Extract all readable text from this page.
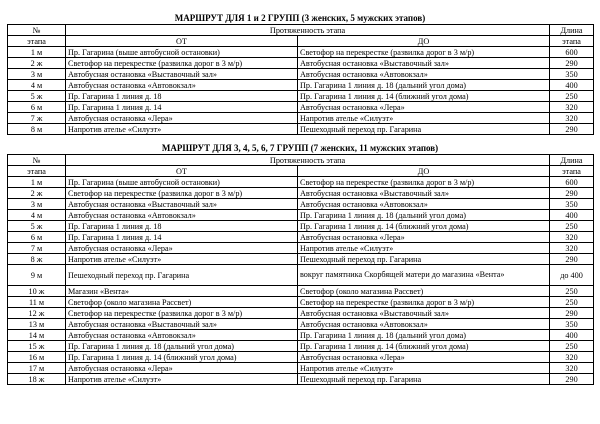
МАРШРУТ ДЛЯ 1 и 2 ГРУПП (3 женских, 5 мужских этапов)
№	Протяженность этапа		Длина
этапа	ОТ	ДО	этапа
1 м	Пр. Гагарина (выше автобусной остановки)	Светофор на перекрестке (развилка дорог в 3 м/р)	600
2 ж	Светофор на перекрестке (развилка дорог в 3 м/р)	Автобусная остановка «Выставочный зал»	290
3 м	Автобусная остановка «Выставочный зал»	Автобусная остановка «Автовокзал»	350
4 м	Автобусная остановка «Автовокзал»	Пр. Гагарина 1 линия д. 18 (дальний угол дома)	400
5 ж	Пр. Гагарина 1 линия д. 18	Пр. Гагарина 1 линия д. 14 (ближний угол дома)	250
6 м	Пр. Гагарина 1 линия д. 14	Автобусная остановка «Лера»	320
7 ж	Автобусная остановка «Лера»	Напротив ателье «Силуэт»	320
8 м	Напротив ателье «Силуэт»	Пешеходный переход пр. Гагарина	290
МАРШРУТ ДЛЯ 3, 4, 5, 6, 7 ГРУПП (7 женских, 11 мужских этапов)
№	Протяженность этапа		Длина
этапа	ОТ	ДО	этапа
1 м	Пр. Гагарина (выше автобусной остановки)	Светофор на перекрестке (развилка дорог в 3 м/р)	600
2 ж	Светофор на перекрестке (развилка дорог в 3 м/р)	Автобусная остановка «Выставочный зал»	290
3 м	Автобусная остановка «Выставочный зал»	Автобусная остановка «Автовокзал»	350
4 м	Автобусная остановка «Автовокзал»	Пр. Гагарина 1 линия д. 18 (дальний угол дома)	400
5 ж	Пр. Гагарина 1 линия д. 18	Пр. Гагарина 1 линия д. 14 (ближний угол дома)	250
6 м	Пр. Гагарина 1 линия д. 14	Автобусная остановка «Лера»	320
7 м	Автобусная остановка «Лера»	Напротив ателье «Силуэт»	320
8 ж	Напротив ателье «Силуэт»	Пешеходный переход пр. Гагарина	290
9 м	Пешеходный переход пр. Гагарина	вокруг памятника Скорбящей матери до магазина «Вента»	до 400
10 ж	Магазин «Вента»	Светофор (около магазина Рассвет)	250
11 м	Светофор (около магазина Рассвет)	Светофор на перекрестке (развилка дорог в 3 м/р)	250
12 ж	Светофор на перекрестке (развилка дорог в 3 м/р)	Автобусная остановка «Выставочный зал»	290
13 м	Автобусная остановка «Выставочный зал»	Автобусная остановка «Автовокзал»	350
14 м	Автобусная остановка «Автовокзал»	Пр. Гагарина 1 линия д. 18 (дальний угол дома)	400
15 ж	Пр. Гагарина 1 линия д. 18 (дальний угол дома)	Пр. Гагарина 1 линия д. 14 (ближний угол дома)	250
16 м	Пр. Гагарина 1 линия д. 14 (ближний угол дома)	Автобусная остановка «Лера»	320
17 м	Автобусная остановка «Лера»	Напротив ателье «Силуэт»	320
18 ж	Напротив ателье «Силуэт»	Пешеходный переход пр. Гагарина	290
